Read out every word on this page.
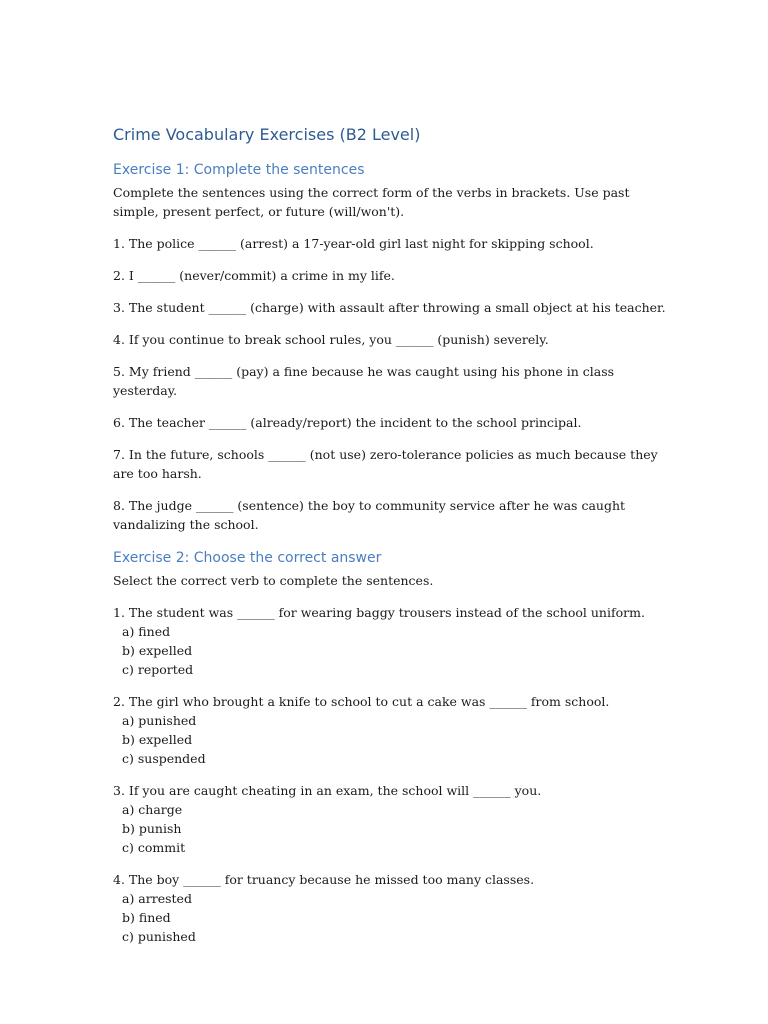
Crime Vocabulary Exercises (B2 Level)
Exercise 1: Complete the sentences

Complete the sentences using the correct form of the verbs in brackets. Use past simple, present perfect, or future (will/won't).

1. The police ______ (arrest) a 17-year-old girl last night for skipping school.

2. I ______ (never/commit) a crime in my life.

3. The student ______ (charge) with assault after throwing a small object at his teacher.

4. If you continue to break school rules, you ______ (punish) severely.

5. My friend ______ (pay) a fine because he was caught using his phone in class yesterday.

6. The teacher ______ (already/report) the incident to the school principal.

7. In the future, schools ______ (not use) zero-tolerance policies as much because they are too harsh.

8. The judge ______ (sentence) the boy to community service after he was caught vandalizing the school.

Exercise 2: Choose the correct answer

Select the correct verb to complete the sentences.

1. The student was ______ for wearing baggy trousers instead of the school uniform.
a) fined
b) expelled
c) reported
2. The girl who brought a knife to school to cut a cake was ______ from school.
a) punished
b) expelled
c) suspended
3. If you are caught cheating in an exam, the school will ______ you.
a) charge
b) punish
c) commit
4. The boy ______ for truancy because he missed too many classes.
a) arrested
b) fined
c) punished
